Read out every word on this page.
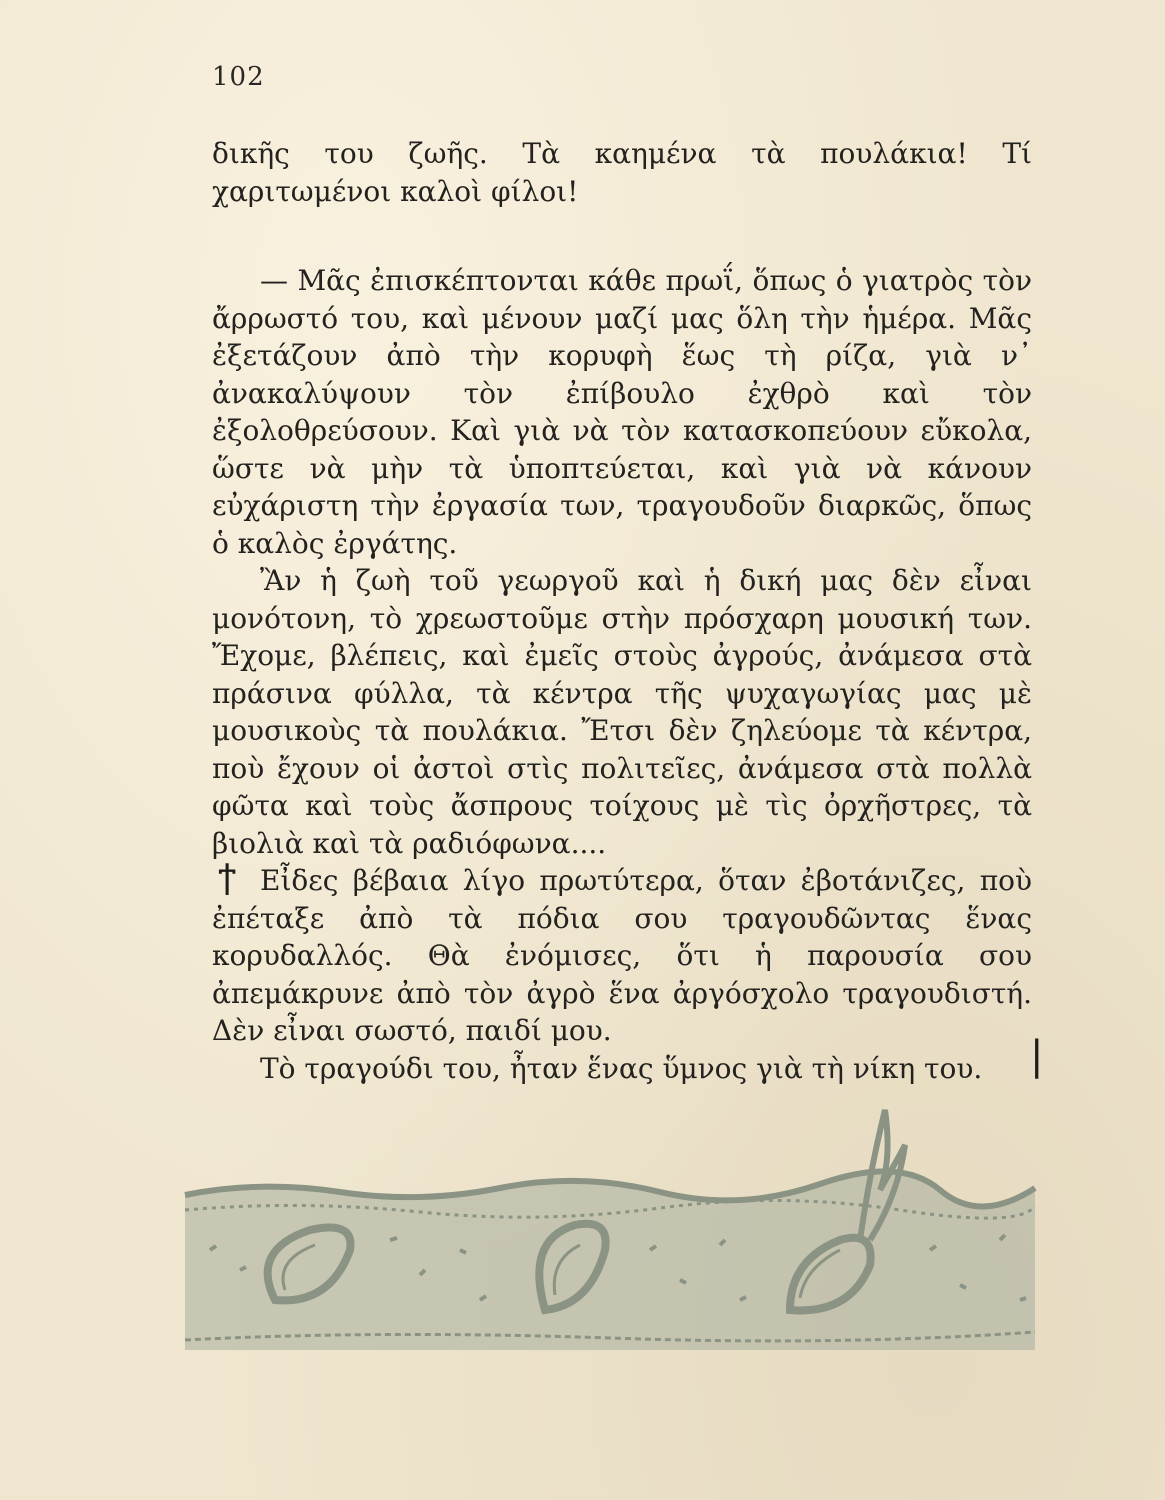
102

δικῆς του ζωῆς. Τὰ καημένα τὰ πουλάκια! Τί χαριτωμένοι καλοὶ φίλοι!

— Μᾶς ἐπισκέπτονται κάθε πρωΐ, ὅπως ὁ γιατρὸς τὸν ἄρρωστό του, καὶ μένουν μαζί μας ὅλη τὴν ἡμέρα. Μᾶς ἐξετάζουν ἀπὸ τὴν κορυφὴ ἕως τὴ ρίζα, γιὰ ν᾽ ἀνακαλύψουν τὸν ἐπίβουλο ἐχθρὸ καὶ τὸν ἐξολοθρεύσουν. Καὶ γιὰ νὰ τὸν κατασκοπεύουν εὔκολα, ὥστε νὰ μὴν τὰ ὑποπτεύεται, καὶ γιὰ νὰ κάνουν εὐχάριστη τὴν ἐργασία των, τραγουδοῦν διαρκῶς, ὅπως ὁ καλὸς ἐργάτης.

Ἂν ἡ ζωὴ τοῦ γεωργοῦ καὶ ἡ δική μας δὲν εἶναι μονότονη, τὸ χρεωστοῦμε στὴν πρόσχαρη μουσική των. Ἔχομε, βλέπεις, καὶ ἐμεῖς στοὺς ἀγρούς, ἀνάμεσα στὰ πράσινα φύλλα, τὰ κέντρα τῆς ψυχαγωγίας μας μὲ μουσικοὺς τὰ πουλάκια. Ἔτσι δὲν ζηλεύομε τὰ κέντρα, ποὺ ἔχουν οἱ ἀστοὶ στὶς πολιτεῖες, ἀνάμεσα στὰ πολλὰ φῶτα καὶ τοὺς ἄσπρους τοίχους μὲ τὶς ὀρχῆστρες, τὰ βιολιὰ καὶ τὰ ραδιόφωνα....

ϯ Εἶδες βέβαια λίγο πρωτύτερα, ὅταν ἐβοτάνιζες, ποὺ ἐπέταξε ἀπὸ τὰ πόδια σου τραγουδῶντας ἕνας κορυδαλλός. Θὰ ἐνόμισες, ὅτι ἡ παρουσία σου ἀπεμάκρυνε ἀπὸ τὸν ἀγρὸ ἕνα ἀργόσχολο τραγουδιστή. Δὲν εἶναι σωστό, παιδί μου.

Τὸ τραγούδι του, ἦταν ἕνας ὕμνος γιὰ τὴ νίκη του.	|
